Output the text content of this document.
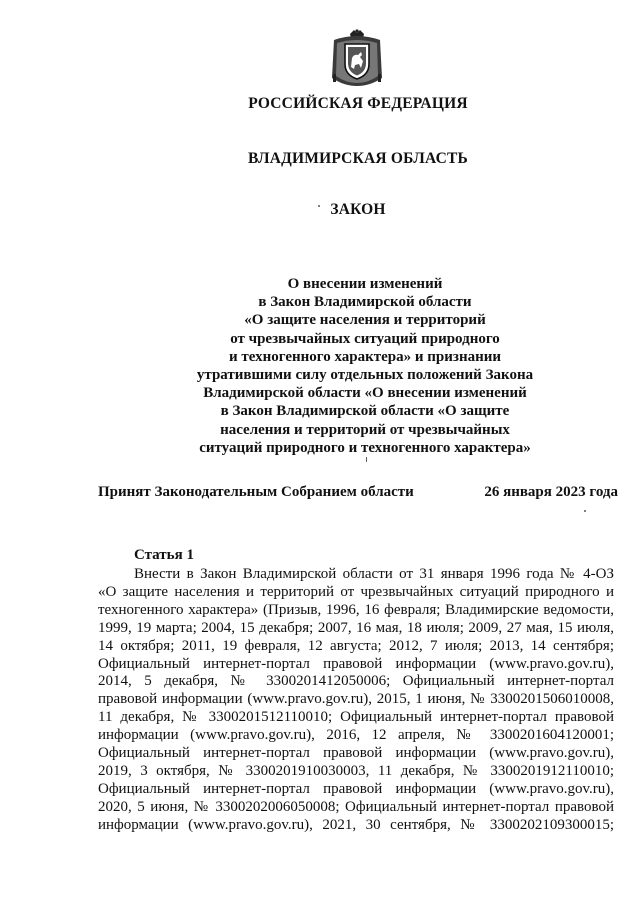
РОССИЙСКАЯ ФЕДЕРАЦИЯ
ВЛАДИМИРСКАЯ ОБЛАСТЬ
ЗАКОН
О внесении изменений
в Закон Владимирской области
«О защите населения и территорий
от чрезвычайных ситуаций природного
и техногенного характера» и признании
утратившими силу отдельных положений Закона
Владимирской области «О внесении изменений
в Закон Владимирской области «О защите
населения и территорий от чрезвычайных
ситуаций природного и техногенного характера»
Принят Законодательным Собранием области	26 января 2023 года
Статья 1
Внести в Закон Владимирской области от 31 января 1996 года № 4-ОЗ
«О защите населения и территорий от чрезвычайных ситуаций природного и
техногенного характера» (Призыв, 1996, 16 февраля; Владимирские ведомости,
1999, 19 марта; 2004, 15 декабря; 2007, 16 мая, 18 июля; 2009, 27 мая, 15 июля,
14 октября; 2011, 19 февраля, 12 августа; 2012, 7 июля; 2013, 14 сентября;
Официальный интернет-портал правовой информации (www.pravo.gov.ru),
2014, 5 декабря, № 3300201412050006; Официальный интернет-портал
правовой информации (www.pravo.gov.ru), 2015, 1 июня, № 3300201506010008,
11 декабря, № 3300201512110010; Официальный интернет-портал правовой
информации (www.pravo.gov.ru), 2016, 12 апреля, № 3300201604120001;
Официальный интернет-портал правовой информации (www.pravo.gov.ru),
2019, 3 октября, № 3300201910030003, 11 декабря, № 3300201912110010;
Официальный интернет-портал правовой информации (www.pravo.gov.ru),
2020, 5 июня, № 3300202006050008; Официальный интернет-портал правовой
информации (www.pravo.gov.ru), 2021, 30 сентября, № 3300202109300015;
